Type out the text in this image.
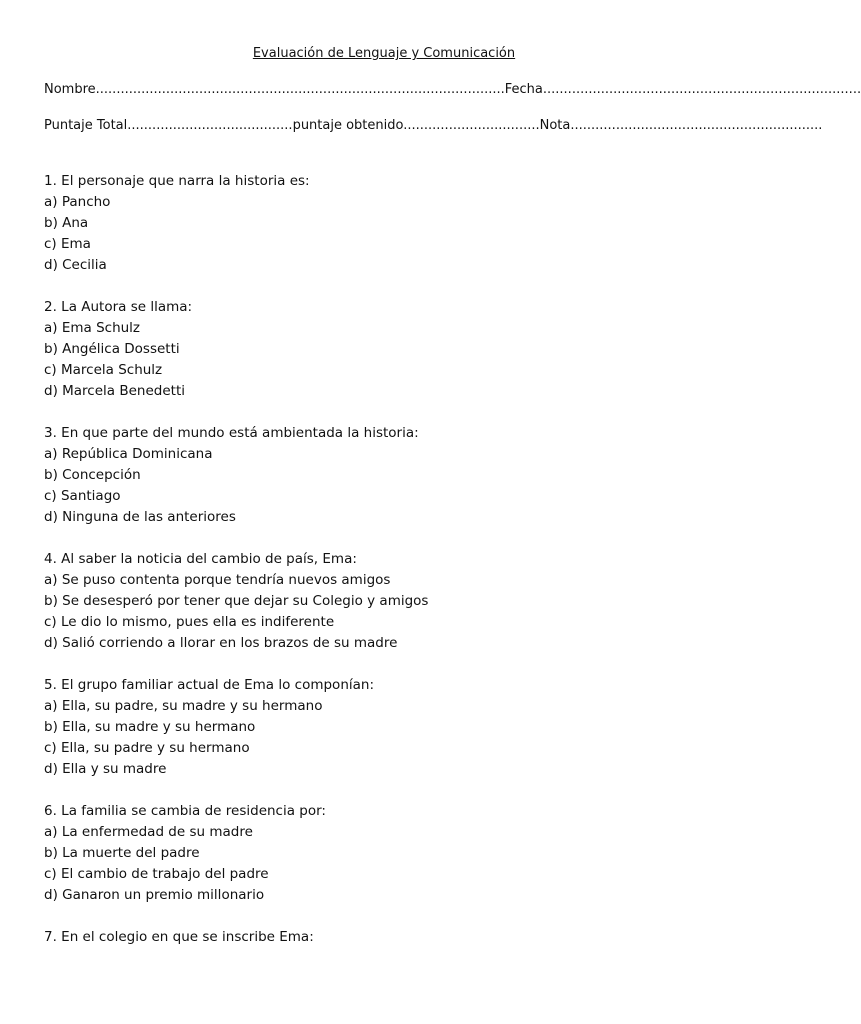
Evaluación de Lenguaje y Comunicación
Nombre...................................................................................................Fecha.............................................................................
Puntaje Total........................................puntaje obtenido.................................Nota.............................................................
1. El personaje que narra la historia es:
a) Pancho
b) Ana
c) Ema
d) Cecilia
2. La Autora se llama:
a) Ema Schulz
b) Angélica Dossetti
c) Marcela Schulz
d) Marcela Benedetti
3. En que parte del mundo está ambientada la historia:
a) República Dominicana
b) Concepción
c) Santiago
d) Ninguna de las anteriores
4. Al saber la noticia del cambio de país, Ema:
a) Se puso contenta porque tendría nuevos amigos
b) Se desesperó por tener que dejar su Colegio y amigos
c) Le dio lo mismo, pues ella es indiferente
d) Salió corriendo a llorar en los brazos de su madre
5. El grupo familiar actual de Ema lo componían:
a) Ella, su padre, su madre y su hermano
b) Ella, su madre y su hermano
c) Ella, su padre y su hermano
d) Ella y su madre
6. La familia se cambia de residencia por:
a) La enfermedad de su madre
b) La muerte del padre
c) El cambio de trabajo del padre
d) Ganaron un premio millonario
7. En el colegio en que se inscribe Ema:
